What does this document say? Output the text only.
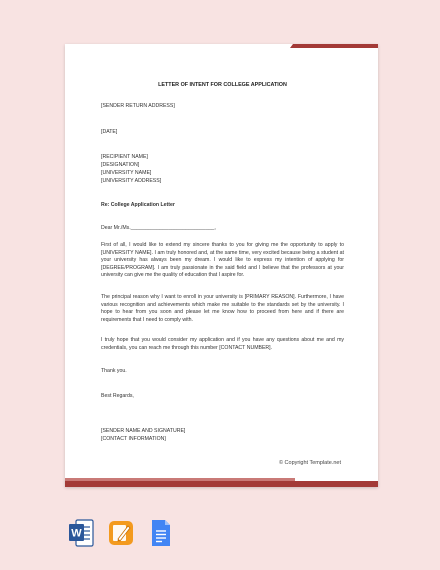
LETTER OF INTENT FOR COLLEGE APPLICATION
[SENDER RETURN ADDRESS]
[DATE]
[RECIPIENT NAME]
[DESIGNATION]
[UNIVERSITY NAME]
[UNIVERSITY ADDRESS]
Re: College Application Letter
Dear Mr./Ms._____________________________,
First of all, I would like to extend my sincere thanks to you for giving me the opportunity to apply to [UNIVERSITY NAME]. I am truly honored and, at the same time, very excited because being a student at your university has always been my dream. I would like to express my intention of applying for [DEGREE/PROGRAM]. I am truly passionate in the said field and I believe that the professors at your university can give me the quality of education that I aspire for.
The principal reason why I want to enroll in your university is [PRIMARY REASON]. Furthermore, I have various recognition and achievements which make me suitable to the standards set by the university. I hope to hear from you soon and please let me know how to proceed from here and if there are requirements that I need to comply with.
I truly hope that you would consider my application and if you have any questions about me and my credentials, you can reach me through this number [CONTACT NUMBER].
Thank you.
Best Regards,
[SENDER NAME AND SIGNATURE]
[CONTACT INFORMATION]
© Copyright Template.net
W
